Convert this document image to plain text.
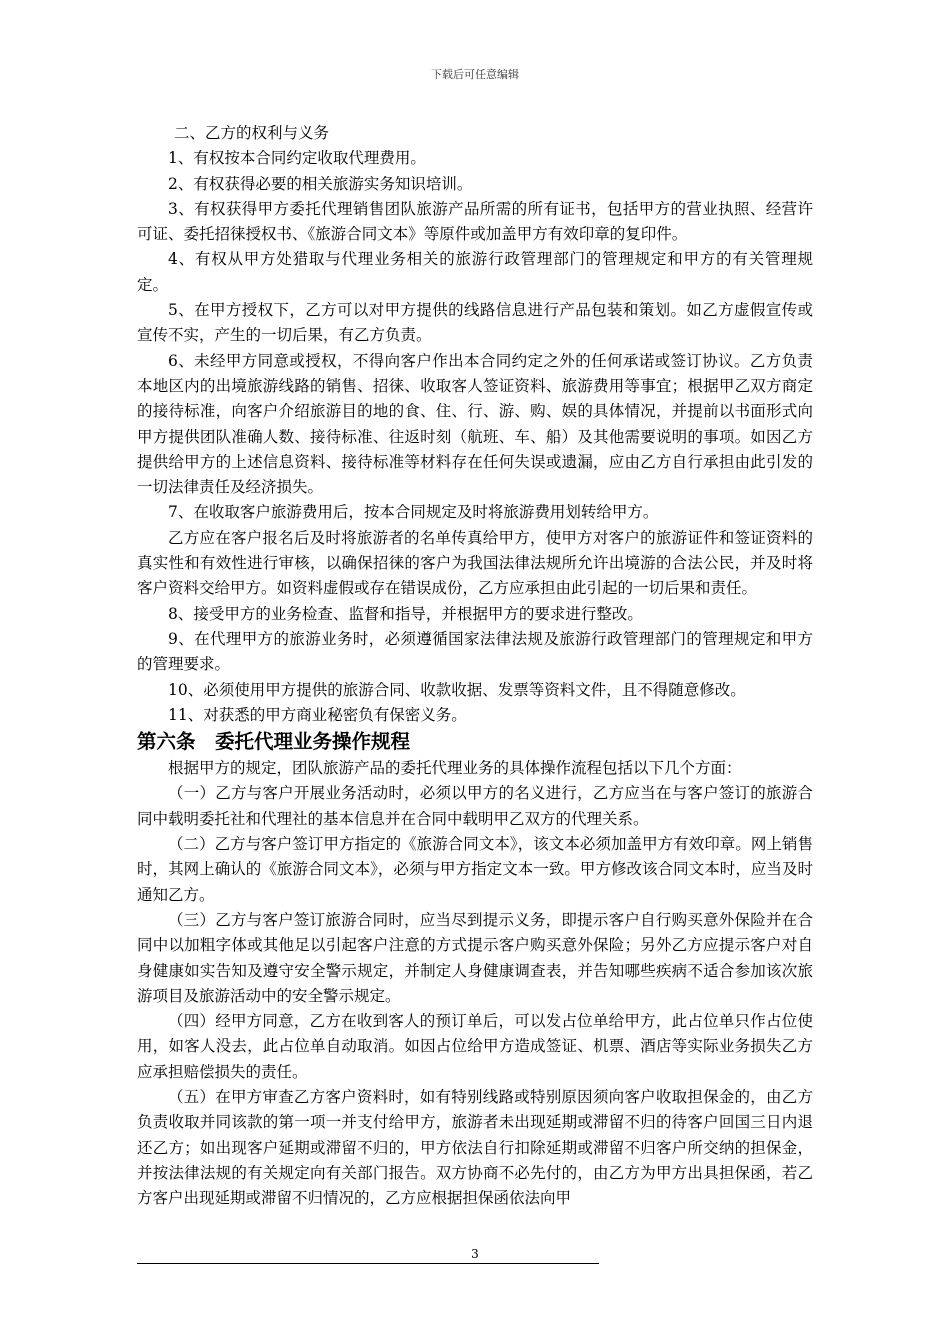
下载后可任意编辑

二、乙方的权利与义务

1、有权按本合同约定收取代理费用。

2、有权获得必要的相关旅游实务知识培训。

3、有权获得甲方委托代理销售团队旅游产品所需的所有证书，包括甲方的营业执照、经营许可证、委托招徕授权书、《旅游合同文本》等原件或加盖甲方有效印章的复印件。

4、有权从甲方处猎取与代理业务相关的旅游行政管理部门的管理规定和甲方的有关管理规定。

5、在甲方授权下，乙方可以对甲方提供的线路信息进行产品包装和策划。如乙方虚假宣传或宣传不实，产生的一切后果，有乙方负责。

6、未经甲方同意或授权，不得向客户作出本合同约定之外的任何承诺或签订协议。乙方负责本地区内的出境旅游线路的销售、招徕、收取客人签证资料、旅游费用等事宜；根据甲乙双方商定的接待标准，向客户介绍旅游目的地的食、住、行、游、购、娱的具体情况，并提前以书面形式向甲方提供团队准确人数、接待标准、往返时刻（航班、车、船）及其他需要说明的事项。如因乙方提供给甲方的上述信息资料、接待标准等材料存在任何失误或遗漏，应由乙方自行承担由此引发的一切法律责任及经济损失。

7、在收取客户旅游费用后，按本合同规定及时将旅游费用划转给甲方。

乙方应在客户报名后及时将旅游者的名单传真给甲方，使甲方对客户的旅游证件和签证资料的真实性和有效性进行审核，以确保招徕的客户为我国法律法规所允许出境游的合法公民，并及时将客户资料交给甲方。如资料虚假或存在错误成份，乙方应承担由此引起的一切后果和责任。

8、接受甲方的业务检查、监督和指导，并根据甲方的要求进行整改。

9、在代理甲方的旅游业务时，必须遵循国家法律法规及旅游行政管理部门的管理规定和甲方的管理要求。

10、必须使用甲方提供的旅游合同、收款收据、发票等资料文件，且不得随意修改。

11、对获悉的甲方商业秘密负有保密义务。

第六条　委托代理业务操作规程

根据甲方的规定，团队旅游产品的委托代理业务的具体操作流程包括以下几个方面：

（一）乙方与客户开展业务活动时，必须以甲方的名义进行，乙方应当在与客户签订的旅游合同中载明委托社和代理社的基本信息并在合同中载明甲乙双方的代理关系。

（二）乙方与客户签订甲方指定的《旅游合同文本》，该文本必须加盖甲方有效印章。网上销售时，其网上确认的《旅游合同文本》，必须与甲方指定文本一致。甲方修改该合同文本时，应当及时通知乙方。

（三）乙方与客户签订旅游合同时，应当尽到提示义务，即提示客户自行购买意外保险并在合同中以加粗字体或其他足以引起客户注意的方式提示客户购买意外保险；另外乙方应提示客户对自身健康如实告知及遵守安全警示规定，并制定人身健康调查表，并告知哪些疾病不适合参加该次旅游项目及旅游活动中的安全警示规定。

（四）经甲方同意，乙方在收到客人的预订单后，可以发占位单给甲方，此占位单只作占位使用，如客人没去，此占位单自动取消。如因占位给甲方造成签证、机票、酒店等实际业务损失乙方应承担赔偿损失的责任。

（五）在甲方审查乙方客户资料时，如有特别线路或特别原因须向客户收取担保金的，由乙方负责收取并同该款的第一项一并支付给甲方，旅游者未出现延期或滞留不归的待客户回国三日内退还乙方；如出现客户延期或滞留不归的，甲方依法自行扣除延期或滞留不归客户所交纳的担保金，并按法律法规的有关规定向有关部门报告。双方协商不必先付的，由乙方为甲方出具担保函，若乙方客户出现延期或滞留不归情况的，乙方应根据担保函依法向甲

3
